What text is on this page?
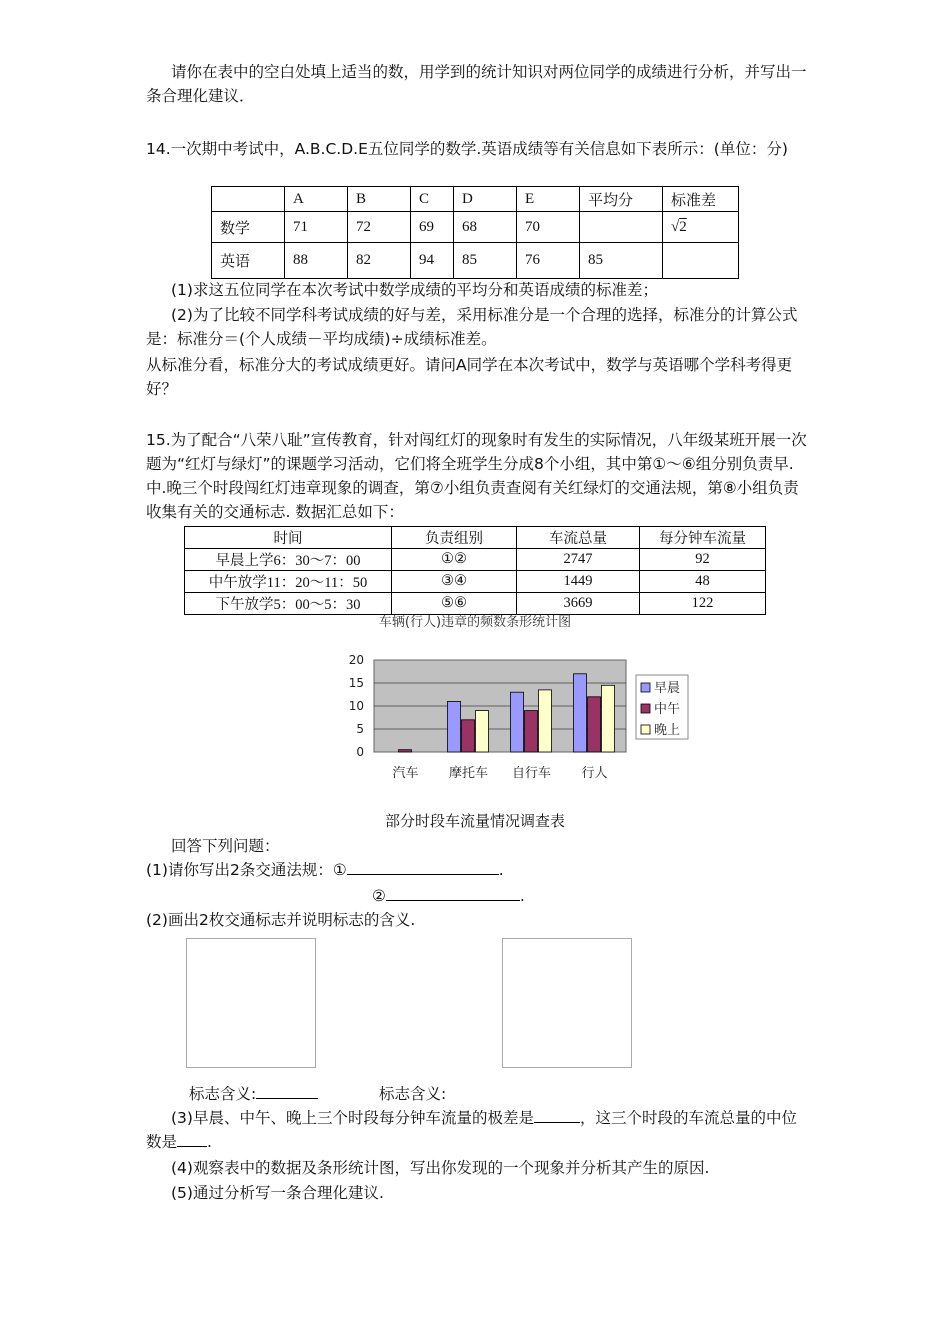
请你在表中的空白处填上适当的数，用学到的统计知识对两位同学的成绩进行分析，并写出一条合理化建议．

14.一次期中考试中，A.B.C.D.E五位同学的数学.英语成绩等有关信息如下表所示：(单位：分)

	A	B	C	D	E	平均分	标准差
数学	71	72	69	68	70		√2
英语	88	82	94	85	76	85	

(1)求这五位同学在本次考试中数学成绩的平均分和英语成绩的标准差；

(2)为了比较不同学科考试成绩的好与差，采用标准分是一个合理的选择，标准分的计算公式是：标准分＝(个人成绩－平均成绩)÷成绩标准差。

从标准分看，标准分大的考试成绩更好。请问A同学在本次考试中，数学与英语哪个学科考得更好？

15.为了配合“八荣八耻”宣传教育，针对闯红灯的现象时有发生的实际情况，八年级某班开展一次题为“红灯与绿灯”的课题学习活动，它们将全班学生分成8个小组，其中第①～⑥组分别负责早.中.晚三个时段闯红灯违章现象的调查，第⑦小组负责查阅有关红绿灯的交通法规，第⑧小组负责收集有关的交通标志. 数据汇总如下：

时间	负责组别	车流总量	每分钟车流量
早晨上学6：30～7：00	①②	2747	92
中午放学11：20～11：50	③④	1449	48
下午放学5：00～5：30	⑤⑥	3669	122
车辆(行人)违章的频数条形统计图
20
15
10
5
0
汽车 摩托车 自行车 行人
早晨
中午
晚上
部分时段车流量情况调查表

回答下列问题：

(1)请你写出2条交通法规：①	.

②	.

(2)画出2枚交通标志并说明标志的含义.

标志含义:	标志含义:

(3)早晨、中午、晚上三个时段每分钟车流量的极差是	，这三个时段的车流总量的中位数是 .

(4)观察表中的数据及条形统计图，写出你发现的一个现象并分析其产生的原因.

(5)通过分析写一条合理化建议.
